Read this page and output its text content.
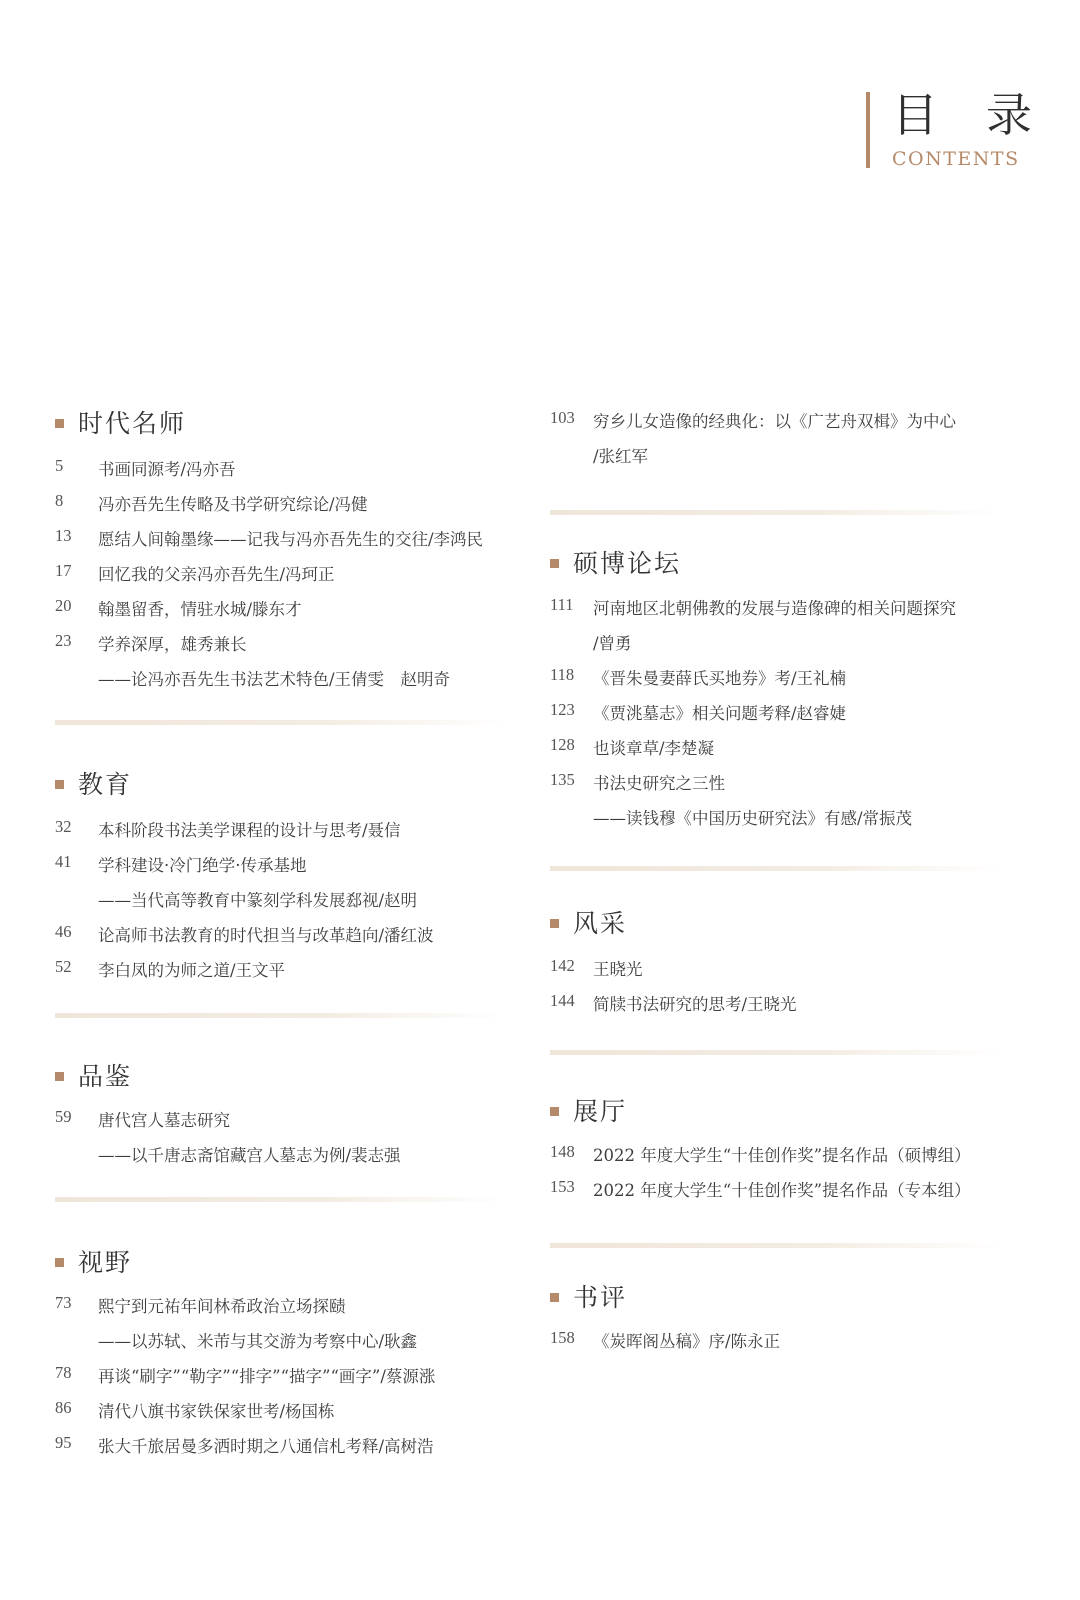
目 录
CONTENTS
时代名师
5 书画同源考/冯亦吾
8 冯亦吾先生传略及书学研究综论/冯健
13 愿结人间翰墨缘——记我与冯亦吾先生的交往/李鸿民
17 回忆我的父亲冯亦吾先生/冯珂正
20 翰墨留香，情驻水城/滕东才
23 学养深厚，雄秀兼长
——论冯亦吾先生书法艺术特色/王倩雯　赵明奇
教育
32 本科阶段书法美学课程的设计与思考/聂信
41 学科建设·冷门绝学·传承基地
——当代高等教育中篆刻学科发展郄视/赵明
46 论高师书法教育的时代担当与改革趋向/潘红波
52 李白凤的为师之道/王文平
品鉴
59 唐代宫人墓志研究
——以千唐志斋馆藏宫人墓志为例/裴志强
视野
73 熙宁到元祐年间林希政治立场探赜
——以苏轼、米芾与其交游为考察中心/耿鑫
78 再谈“刷字”“勒字”“排字”“描字”“画字”/蔡源涨
86 清代八旗书家铁保家世考/杨国栋
95 张大千旅居曼多洒时期之八通信札考释/高树浩
103 穷乡儿女造像的经典化：以《广艺舟双楫》为中心
/张红军
硕博论坛
111 河南地区北朝佛教的发展与造像碑的相关问题探究
/曾勇
118 《晋朱曼妻薛氏买地券》考/王礼楠
123 《贾洮墓志》相关问题考释/赵睿婕
128 也谈章草/李楚凝
135 书法史研究之三性
——读钱穆《中国历史研究法》有感/常振茂
风采
142 王晓光
144 简牍书法研究的思考/王晓光
展厅
148 2022 年度大学生“十佳创作奖”提名作品（硕博组）
153 2022 年度大学生“十佳创作奖”提名作品（专本组）
书评
158 《炭晖阁丛稿》序/陈永正
